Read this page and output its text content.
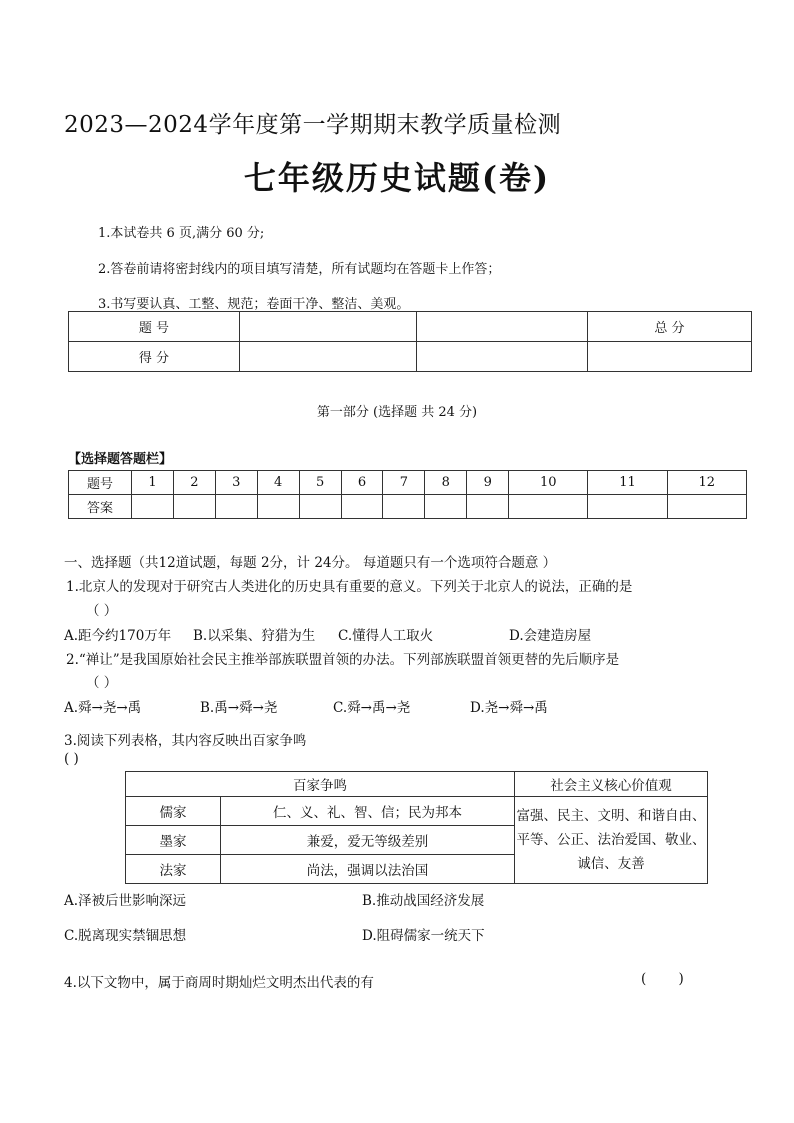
2023—2024学年度第一学期期末教学质量检测
七年级历史试题(卷)
1.本试卷共 6 页,满分 60 分;
2.答卷前请将密封线内的项目填写清楚，所有试题均在答题卡上作答；
3.书写要认真、工整、规范；卷面干净、整洁、美观。
题 号			总 分
得 分			
第一部分 (选择题 共 24 分)
【选择题答题栏】
题号	1	2	3	4	5	6	7	8	9	10	11	12
答案												
一、选择题（共12道试题，每题 2分，计 24分。 每道题只有一个选项符合题意 ）
1.北京人的发现对于研究古人类进化的历史具有重要的意义。下列关于北京人的说法，正确的是
（ ）
A.距今约170万年 B.以采集、狩猎为生 C.懂得人工取火	D.会建造房屋
2.“禅让”是我国原始社会民主推举部族联盟首领的办法。下列部族联盟首领更替的先后顺序是
（ ）
A.舜→尧→禹	B.禹→舜→尧	C.舜→禹→尧	D.尧→舜→禹
3.阅读下列表格，其内容反映出百家争鸣
( )
百家争鸣		社会主义核心价值观
儒家	仁、义、礼、智、信；民为邦本	富强、民主、文明、和谐自由、
平等、公正、法治爱国、敬业、
诚信、友善

墨家	兼爱，爱无等级差别	
法家	尚法，强调以法治国	
A.泽被后世影响深远	B.推动战国经济发展
C.脱离现实禁锢思想	D.阻碍儒家一统天下
4.以下文物中，属于商周时期灿烂文明杰出代表的有	( )
